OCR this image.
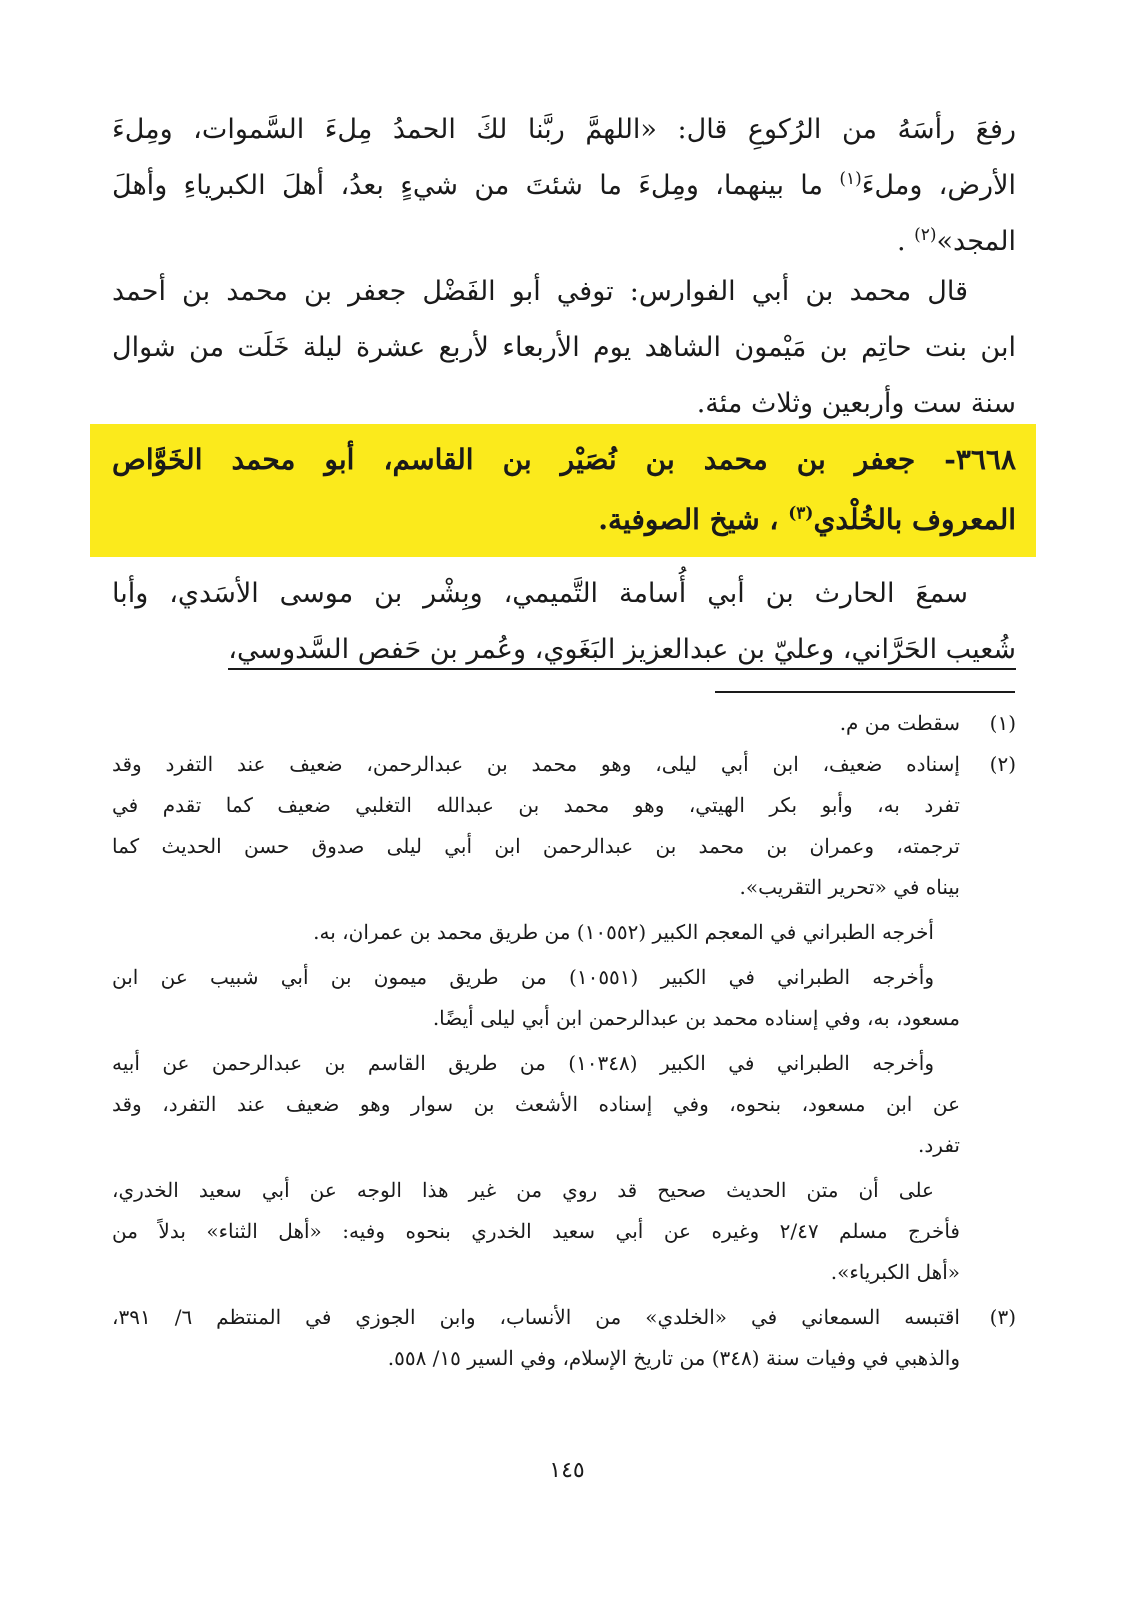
رفعَ رأسَهُ من الرُكوعِ قال: «اللهمَّ ربَّنا لكَ الحمدُ مِلءَ السَّموات، ومِلءَ
الأرض، وملءَ$^{(١)}$ ما بينهما، ومِلءَ ما شئتَ من شيءٍ بعدُ، أهلَ الكبرياءِ وأهلَ
المجد»$^{(٢)}$ .
قال محمد بن أبي الفوارس: توفي أبو الفَضْل جعفر بن محمد بن أحمد
ابن بنت حاتِم بن مَيْمون الشاهد يوم الأربعاء لأربع عشرة ليلة خَلَت من شوال
سنة ست وأربعين وثلاث مئة.
٣٦٦٨- جعفر بن محمد بن نُصَيْر بن القاسم، أبو محمد الخَوَّاص
المعروف بالخُلْدي$^{(٣)}$ ، شيخ الصوفية.
سمعَ الحارث بن أبي أُسامة التَّميمي، وبِشْر بن موسى الأسَدي، وأبا
شُعيب الحَرَّاني، وعليّ بن عبدالعزيز البَغَوي، وعُمر بن حَفص السَّدوسي،
(١)
سقطت من م.
(٢)
إسناده ضعيف، ابن أبي ليلى، وهو محمد بن عبدالرحمن، ضعيف عند التفرد وقد
تفرد به، وأبو بكر الهيتي، وهو محمد بن عبدالله التغلبي ضعيف كما تقدم في
ترجمته، وعمران بن محمد بن عبدالرحمن ابن أبي ليلى صدوق حسن الحديث كما
بيناه في «تحرير التقريب».
أخرجه الطبراني في المعجم الكبير (١٠٥٥٢) من طريق محمد بن عمران، به.
وأخرجه الطبراني في الكبير (١٠٥٥١) من طريق ميمون بن أبي شبيب عن ابن
مسعود، به، وفي إسناده محمد بن عبدالرحمن ابن أبي ليلى أيضًا.
وأخرجه الطبراني في الكبير (١٠٣٤٨) من طريق القاسم بن عبدالرحمن عن أبيه
عن ابن مسعود، بنحوه، وفي إسناده الأشعث بن سوار وهو ضعيف عند التفرد، وقد
تفرد.
على أن متن الحديث صحيح قد روي من غير هذا الوجه عن أبي سعيد الخدري،
فأخرج مسلم ٢/٤٧ وغيره عن أبي سعيد الخدري بنحوه وفيه: «أهل الثناء» بدلاً من
«أهل الكبرياء».
(٣)
اقتبسه السمعاني في «الخلدي» من الأنساب، وابن الجوزي في المنتظم ٦/ ٣٩١،
والذهبي في وفيات سنة (٣٤٨) من تاريخ الإسلام، وفي السير ١٥/ ٥٥٨.
١٤٥
